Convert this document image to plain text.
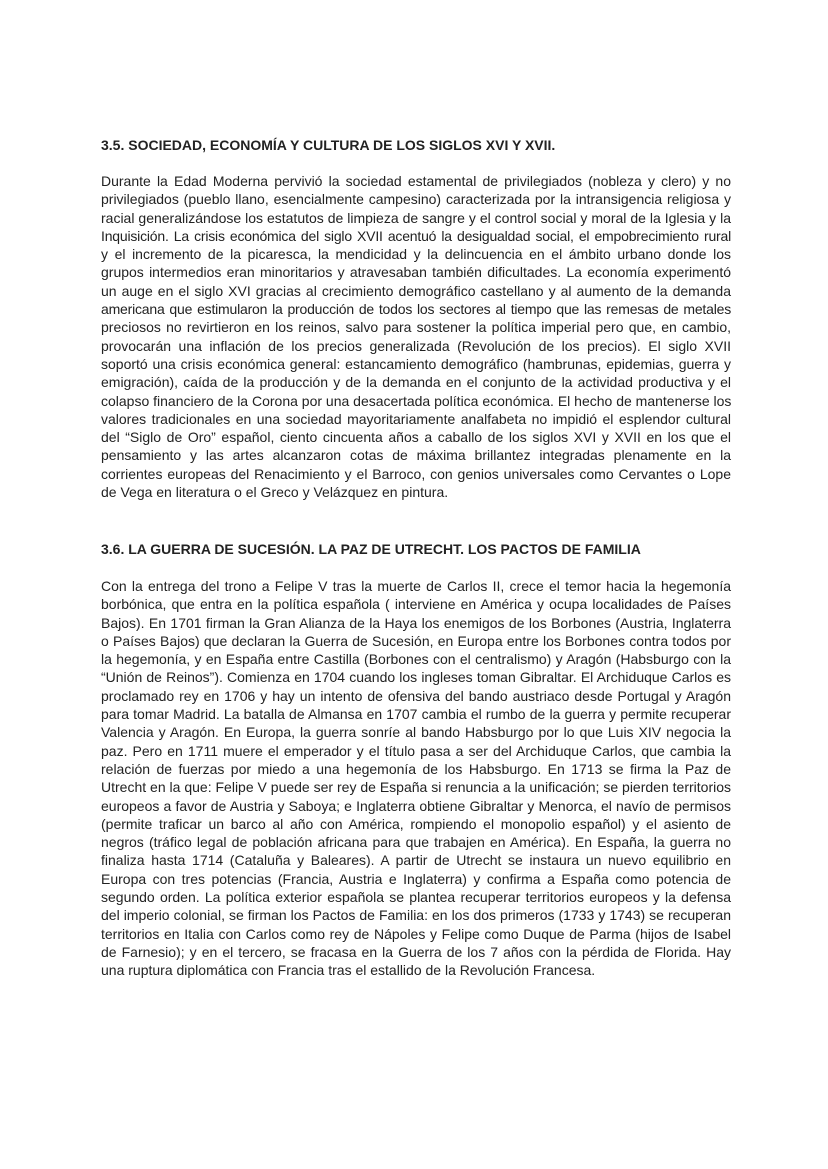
3.5. SOCIEDAD, ECONOMÍA Y CULTURA DE LOS SIGLOS XVI Y XVII.
Durante la Edad Moderna pervivió la sociedad estamental de privilegiados (nobleza y clero) y no
privilegiados (pueblo llano, esencialmente campesino) caracterizada por la intransigencia religiosa y
racial generalizándose los estatutos de limpieza de sangre y el control social y moral de la Iglesia y la
Inquisición. La crisis económica del siglo XVII acentuó la desigualdad social, el empobrecimiento rural
y el incremento de la picaresca, la mendicidad y la delincuencia en el ámbito urbano donde los
grupos intermedios eran minoritarios y atravesaban también dificultades. La economía experimentó
un auge en el siglo XVI gracias al crecimiento demográfico castellano y al aumento de la demanda
americana que estimularon la producción de todos los sectores al tiempo que las remesas de metales
preciosos no revirtieron en los reinos, salvo para sostener la política imperial pero que, en cambio,
provocarán una inflación de los precios generalizada (Revolución de los precios). El siglo XVII
soportó una crisis económica general: estancamiento demográfico (hambrunas, epidemias, guerra y
emigración), caída de la producción y de la demanda en el conjunto de la actividad productiva y el
colapso financiero de la Corona por una desacertada política económica. El hecho de mantenerse los
valores tradicionales en una sociedad mayoritariamente analfabeta no impidió el esplendor cultural
del “Siglo de Oro” español, ciento cincuenta años a caballo de los siglos XVI y XVII en los que el
pensamiento y las artes alcanzaron cotas de máxima brillantez integradas plenamente en la
corrientes europeas del Renacimiento y el Barroco, con genios universales como Cervantes o Lope
de Vega en literatura o el Greco y Velázquez en pintura.
3.6. LA GUERRA DE SUCESIÓN. LA PAZ DE UTRECHT. LOS PACTOS DE FAMILIA
Con la entrega del trono a Felipe V tras la muerte de Carlos II, crece el temor hacia la hegemonía
borbónica, que entra en la política española ( interviene en América y ocupa localidades de Países
Bajos). En 1701 firman la Gran Alianza de la Haya los enemigos de los Borbones (Austria, Inglaterra
o Países Bajos) que declaran la Guerra de Sucesión, en Europa entre los Borbones contra todos por
la hegemonía, y en España entre Castilla (Borbones con el centralismo) y Aragón (Habsburgo con la
“Unión de Reinos”). Comienza en 1704 cuando los ingleses toman Gibraltar. El Archiduque Carlos es
proclamado rey en 1706 y hay un intento de ofensiva del bando austriaco desde Portugal y Aragón
para tomar Madrid. La batalla de Almansa en 1707 cambia el rumbo de la guerra y permite recuperar
Valencia y Aragón. En Europa, la guerra sonríe al bando Habsburgo por lo que Luis XIV negocia la
paz. Pero en 1711 muere el emperador y el título pasa a ser del Archiduque Carlos, que cambia la
relación de fuerzas por miedo a una hegemonía de los Habsburgo. En 1713 se firma la Paz de
Utrecht en la que: Felipe V puede ser rey de España si renuncia a la unificación; se pierden territorios
europeos a favor de Austria y Saboya; e Inglaterra obtiene Gibraltar y Menorca, el navío de permisos
(permite traficar un barco al año con América, rompiendo el monopolio español) y el asiento de
negros (tráfico legal de población africana para que trabajen en América). En España, la guerra no
finaliza hasta 1714 (Cataluña y Baleares). A partir de Utrecht se instaura un nuevo equilibrio en
Europa con tres potencias (Francia, Austria e Inglaterra) y confirma a España como potencia de
segundo orden. La política exterior española se plantea recuperar territorios europeos y la defensa
del imperio colonial, se firman los Pactos de Familia: en los dos primeros (1733 y 1743) se recuperan
territorios en Italia con Carlos como rey de Nápoles y Felipe como Duque de Parma (hijos de Isabel
de Farnesio); y en el tercero, se fracasa en la Guerra de los 7 años con la pérdida de Florida. Hay
una ruptura diplomática con Francia tras el estallido de la Revolución Francesa.
